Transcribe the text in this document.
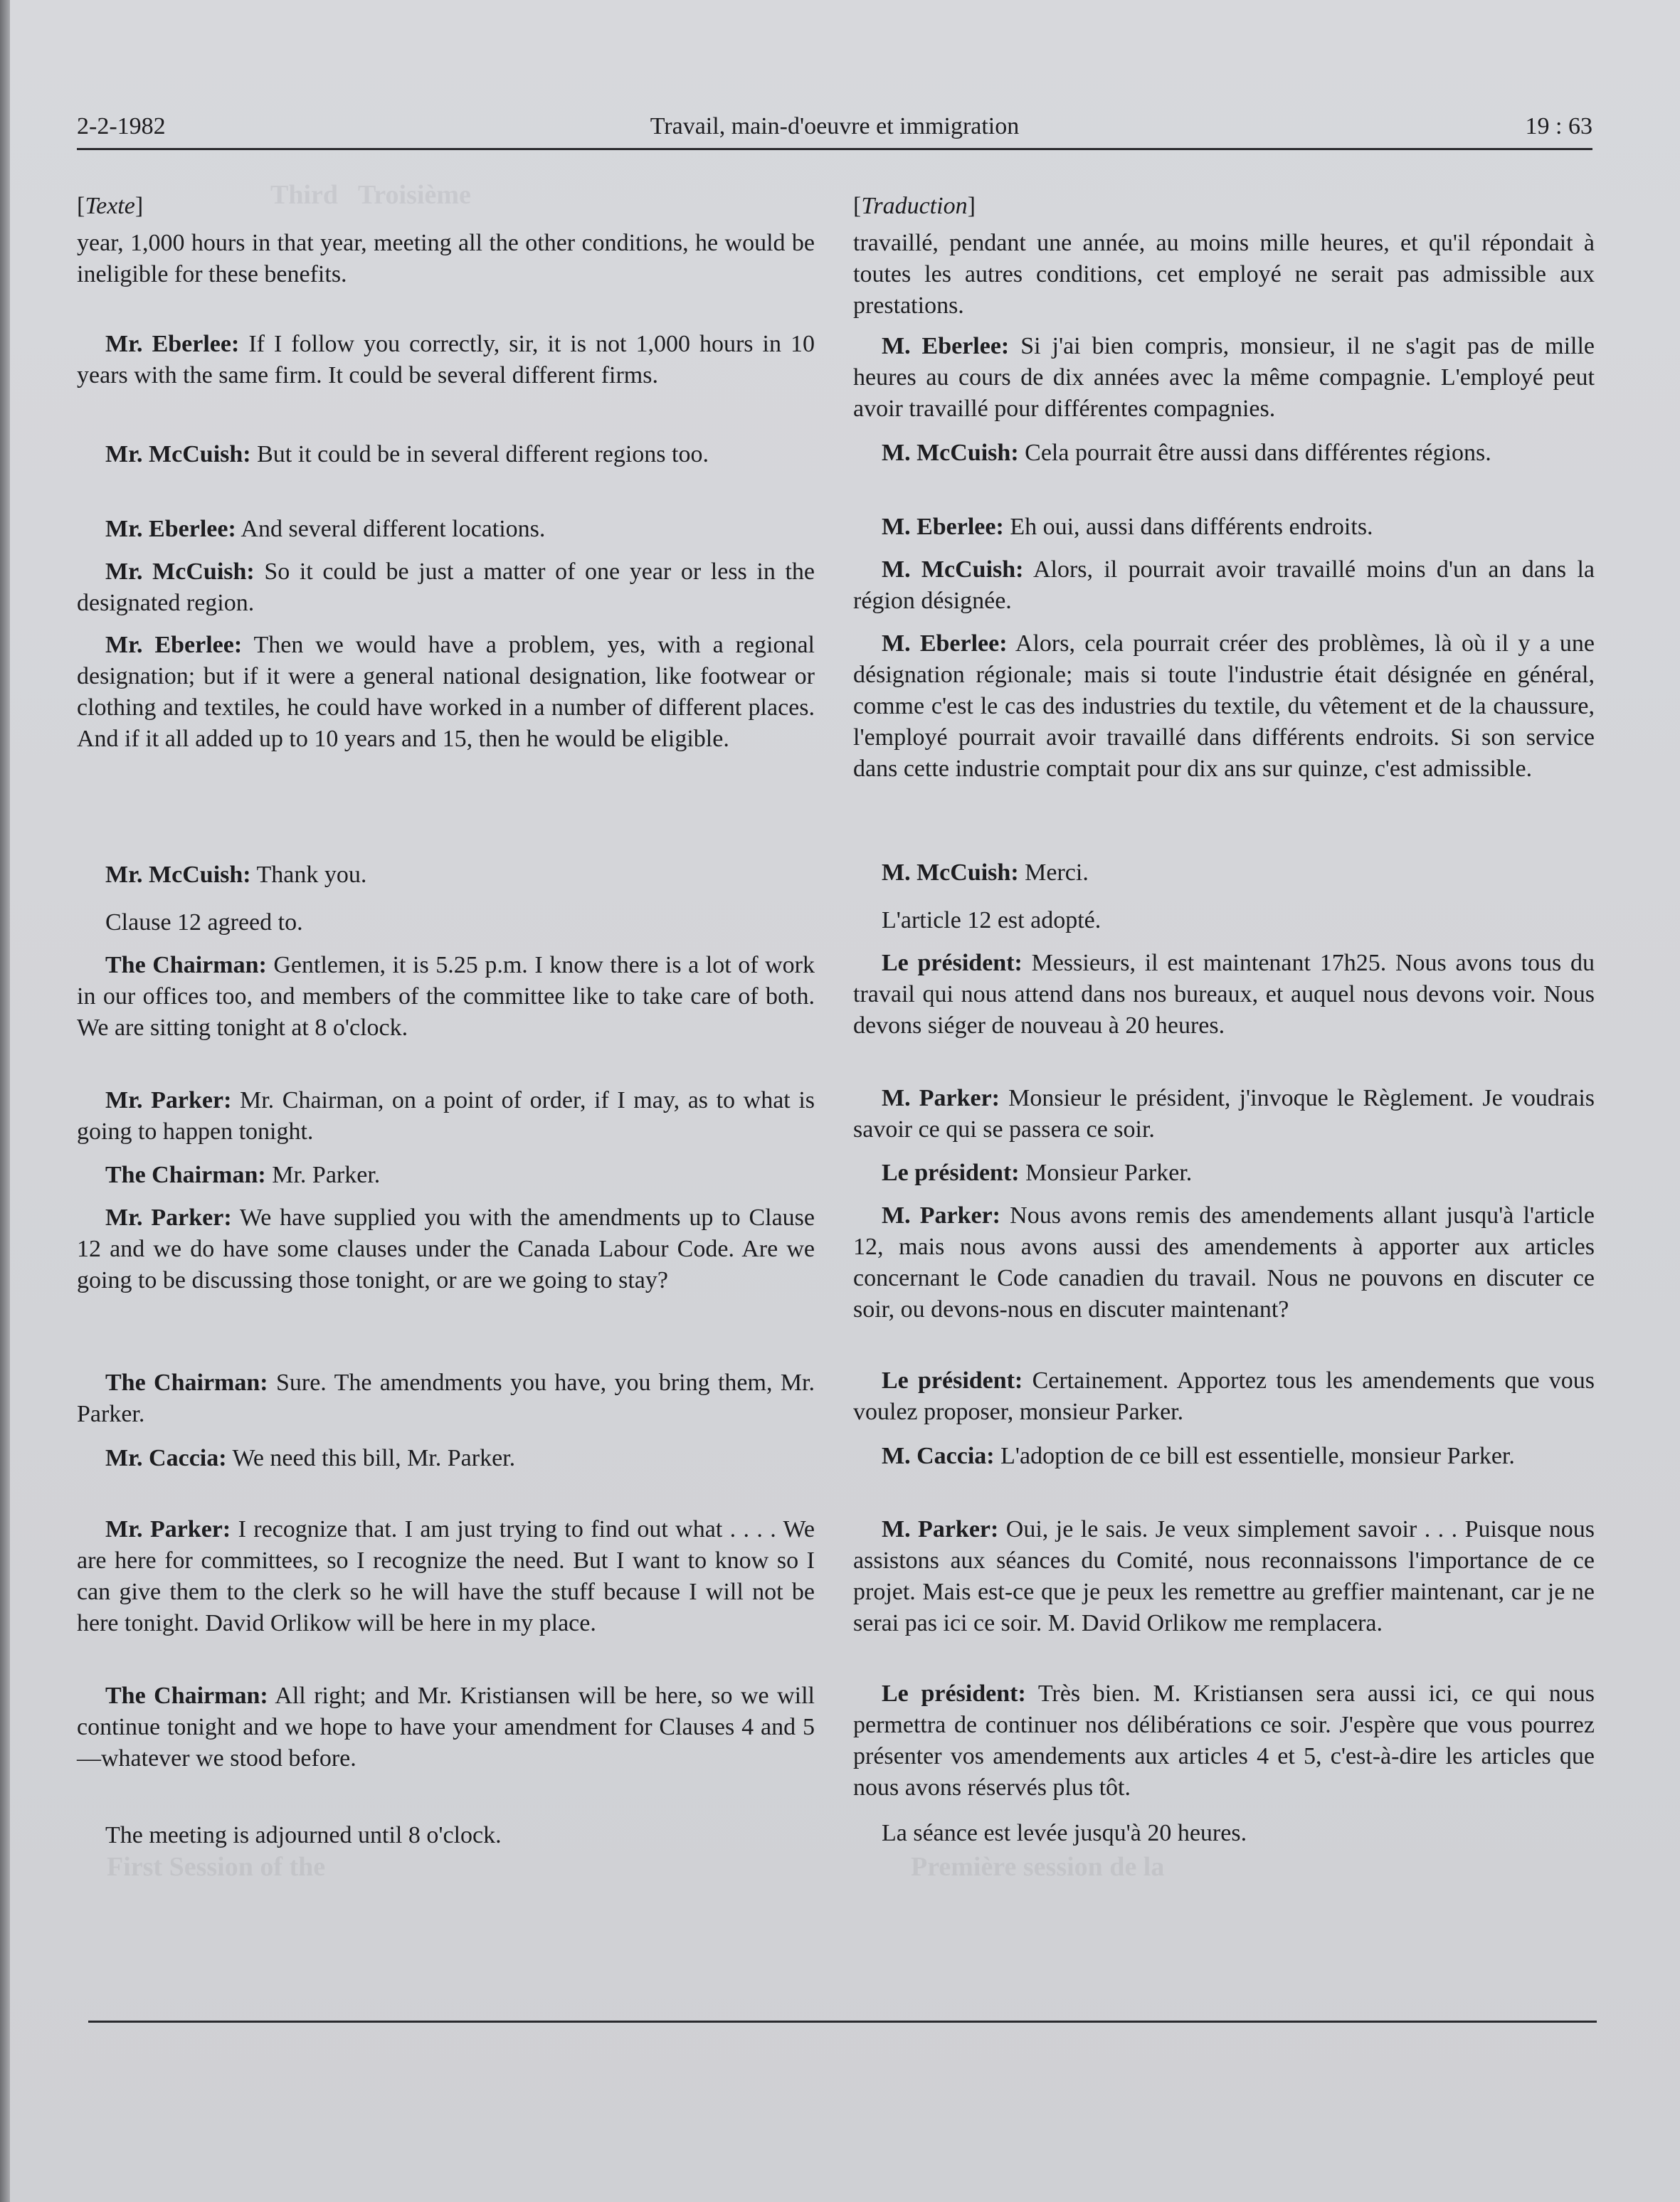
Third   Troisième
Première session de la
First Session of the
2-2-1982	Travail, main-d'oeuvre et immigration	19 : 63

[Texte]

year, 1,000 hours in that year, meeting all the other conditions, he would be ineligible for these benefits.

Mr. Eberlee: If I follow you correctly, sir, it is not 1,000 hours in 10 years with the same firm. It could be several different firms.

Mr. McCuish: But it could be in several different regions too.

Mr. Eberlee: And several different locations.

Mr. McCuish: So it could be just a matter of one year or less in the designated region.

Mr. Eberlee: Then we would have a problem, yes, with a regional designation; but if it were a general national designation, like footwear or clothing and textiles, he could have worked in a number of different places. And if it all added up to 10 years and 15, then he would be eligible.

Mr. McCuish: Thank you.

Clause 12 agreed to.

The Chairman: Gentlemen, it is 5.25 p.m. I know there is a lot of work in our offices too, and members of the committee like to take care of both. We are sitting tonight at 8 o'clock.

Mr. Parker: Mr. Chairman, on a point of order, if I may, as to what is going to happen tonight.

The Chairman: Mr. Parker.

Mr. Parker: We have supplied you with the amendments up to Clause 12 and we do have some clauses under the Canada Labour Code. Are we going to be discussing those tonight, or are we going to stay?

The Chairman: Sure. The amendments you have, you bring them, Mr. Parker.

Mr. Caccia: We need this bill, Mr. Parker.

Mr. Parker: I recognize that. I am just trying to find out what . . . . We are here for committees, so I recognize the need. But I want to know so I can give them to the clerk so he will have the stuff because I will not be here tonight. David Orlikow will be here in my place.

The Chairman: All right; and Mr. Kristiansen will be here, so we will continue tonight and we hope to have your amendment for Clauses 4 and 5—whatever we stood before.

The meeting is adjourned until 8 o'clock.

[Traduction]

travaillé, pendant une année, au moins mille heures, et qu'il répondait à toutes les autres conditions, cet employé ne serait pas admissible aux prestations.

M. Eberlee: Si j'ai bien compris, monsieur, il ne s'agit pas de mille heures au cours de dix années avec la même compagnie. L'employé peut avoir travaillé pour différentes compagnies.

M. McCuish: Cela pourrait être aussi dans différentes régions.

M. Eberlee: Eh oui, aussi dans différents endroits.

M. McCuish: Alors, il pourrait avoir travaillé moins d'un an dans la région désignée.

M. Eberlee: Alors, cela pourrait créer des problèmes, là où il y a une désignation régionale; mais si toute l'industrie était désignée en général, comme c'est le cas des industries du textile, du vêtement et de la chaussure, l'employé pourrait avoir travaillé dans différents endroits. Si son service dans cette industrie comptait pour dix ans sur quinze, c'est admissible.

M. McCuish: Merci.

L'article 12 est adopté.

Le président: Messieurs, il est maintenant 17h25. Nous avons tous du travail qui nous attend dans nos bureaux, et auquel nous devons voir. Nous devons siéger de nouveau à 20 heures.

M. Parker: Monsieur le président, j'invoque le Règlement. Je voudrais savoir ce qui se passera ce soir.

Le président: Monsieur Parker.

M. Parker: Nous avons remis des amendements allant jusqu'à l'article 12, mais nous avons aussi des amendements à apporter aux articles concernant le Code canadien du travail. Nous ne pouvons en discuter ce soir, ou devons-nous en discuter maintenant?

Le président: Certainement. Apportez tous les amendements que vous voulez proposer, monsieur Parker.

M. Caccia: L'adoption de ce bill est essentielle, monsieur Parker.

M. Parker: Oui, je le sais. Je veux simplement savoir . . . Puisque nous assistons aux séances du Comité, nous reconnaissons l'importance de ce projet. Mais est-ce que je peux les remettre au greffier maintenant, car je ne serai pas ici ce soir. M. David Orlikow me remplacera.

Le président: Très bien. M. Kristiansen sera aussi ici, ce qui nous permettra de continuer nos délibérations ce soir. J'espère que vous pourrez présenter vos amendements aux articles 4 et 5, c'est-à-dire les articles que nous avons réservés plus tôt.

La séance est levée jusqu'à 20 heures.
